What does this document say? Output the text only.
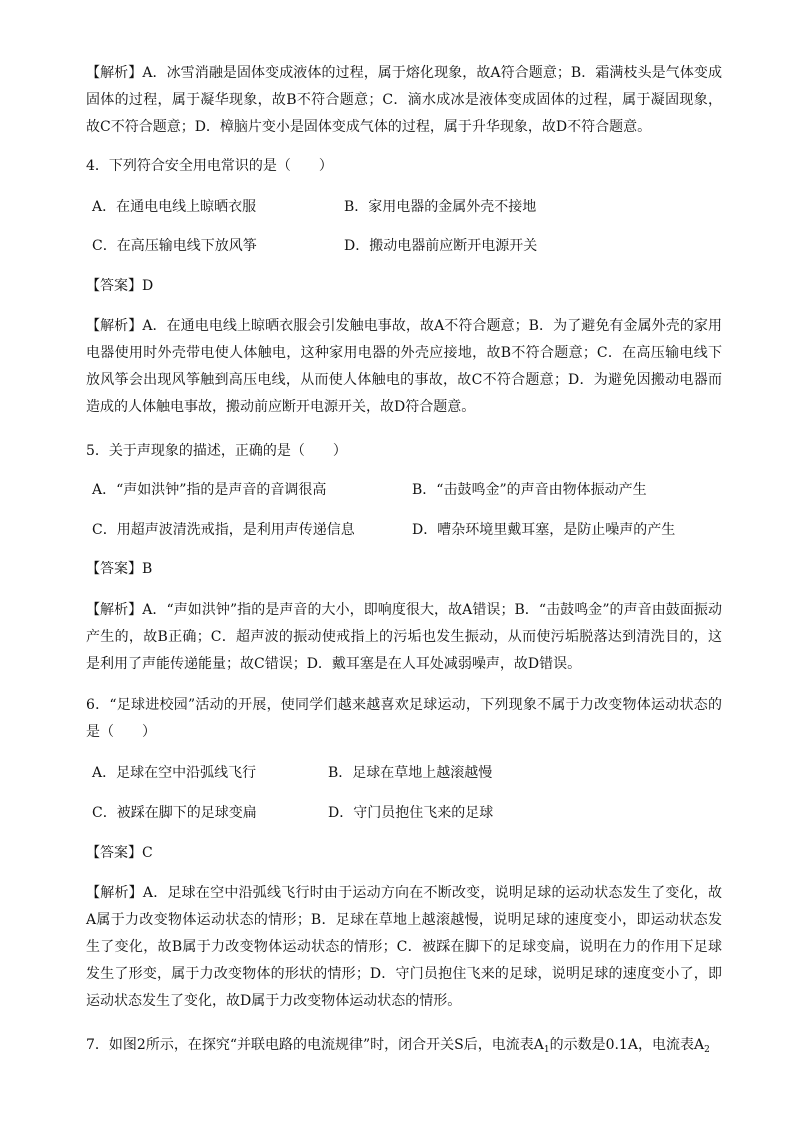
【解析】A．冰雪消融是固体变成液体的过程，属于熔化现象，故A符合题意；B．霜满枝头是气体变成固体的过程，属于凝华现象，故B不符合题意；C．滴水成冰是液体变成固体的过程，属于凝固现象，故C不符合题意；D．樟脑片变小是固体变成气体的过程，属于升华现象，故D不符合题意。
4．下列符合安全用电常识的是（　　）
A．在通电电线上晾晒衣服	B．家用电器的金属外壳不接地
C．在高压输电线下放风筝	D．搬动电器前应断开电源开关
【答案】D
【解析】A．在通电电线上晾晒衣服会引发触电事故，故A不符合题意；B．为了避免有金属外壳的家用电器使用时外壳带电使人体触电，这种家用电器的外壳应接地，故B不符合题意；C．在高压输电线下放风筝会出现风筝触到高压电线，从而使人体触电的事故，故C不符合题意；D．为避免因搬动电器而造成的人体触电事故，搬动前应断开电源开关，故D符合题意。
5．关于声现象的描述，正确的是（　　）
A．“声如洪钟”指的是声音的音调很高	B．“击鼓鸣金”的声音由物体振动产生
C．用超声波清洗戒指，是利用声传递信息	D．嘈杂环境里戴耳塞，是防止噪声的产生
【答案】B
【解析】A．“声如洪钟”指的是声音的大小，即响度很大，故A错误；B．“击鼓鸣金”的声音由鼓面振动产生的，故B正确；C．超声波的振动使戒指上的污垢也发生振动，从而使污垢脱落达到清洗目的，这是利用了声能传递能量；故C错误；D．戴耳塞是在人耳处减弱噪声，故D错误。
6．“足球进校园”活动的开展，使同学们越来越喜欢足球运动，下列现象不属于力改变物体运动状态的是（　　）
A．足球在空中沿弧线飞行	B．足球在草地上越滚越慢
C．被踩在脚下的足球变扁	D．守门员抱住飞来的足球
【答案】C
【解析】A．足球在空中沿弧线飞行时由于运动方向在不断改变，说明足球的运动状态发生了变化，故A属于力改变物体运动状态的情形；B．足球在草地上越滚越慢，说明足球的速度变小，即运动状态发生了变化，故B属于力改变物体运动状态的情形；C．被踩在脚下的足球变扁，说明在力的作用下足球发生了形变，属于力改变物体的形状的情形；D．守门员抱住飞来的足球，说明足球的速度变小了，即运动状态发生了变化，故D属于力改变物体运动状态的情形。
7．如图2所示，在探究“并联电路的电流规律”时，闭合开关S后，电流表$A_1$的示数是0.1A，电流表$A_2$
